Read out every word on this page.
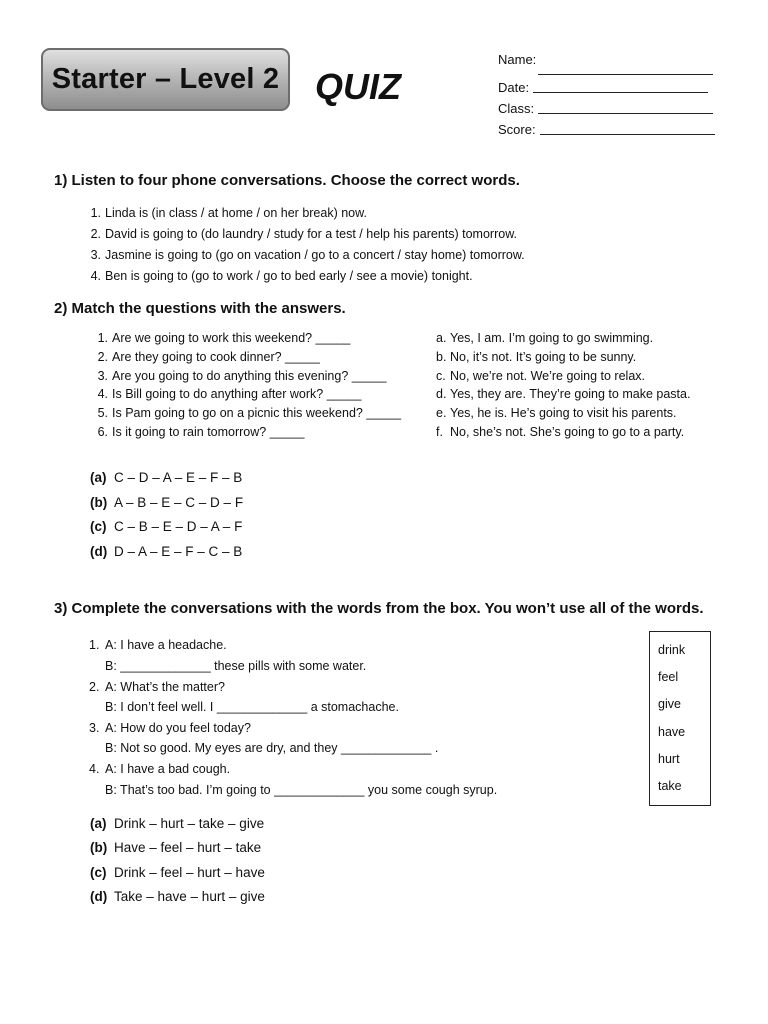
Starter – Level 2 QUIZ
Name:
Date:
Class:
Score:
1) Listen to four phone conversations. Choose the correct words.
1. Linda is (in class / at home / on her break) now.
2. David is going to (do laundry / study for a test / help his parents) tomorrow.
3. Jasmine is going to (go on vacation / go to a concert / stay home) tomorrow.
4. Ben is going to (go to work / go to bed early / see a movie) tonight.
2) Match the questions with the answers.
1. Are we going to work this weekend? _____
2. Are they going to cook dinner? _____
3. Are you going to do anything this evening? _____
4. Is Bill going to do anything after work? _____
5. Is Pam going to go on a picnic this weekend? _____
6. Is it going to rain tomorrow? _____
a. Yes, I am. I’m going to go swimming.
b. No, it’s not. It’s going to be sunny.
c. No, we’re not. We’re going to relax.
d. Yes, they are. They’re going to make pasta.
e. Yes, he is. He’s going to visit his parents.
f. No, she’s not. She’s going to go to a party.
(a) C – D – A – E – F – B
(b) A – B – E – C – D – F
(c) C – B – E – D – A – F
(d) D – A – E – F – C – B
3) Complete the conversations with the words from the box. You won’t use all of the words.
1. A: I have a headache.
B: _____________ these pills with some water.
2. A: What’s the matter?
B: I don’t feel well. I _____________ a stomachache.
3. A: How do you feel today?
B: Not so good. My eyes are dry, and they _____________ .
4. A: I have a bad cough.
B: That’s too bad. I’m going to _____________ you some cough syrup.
drink
feel
give
have
hurt
take
(a) Drink – hurt – take – give
(b) Have – feel – hurt – take
(c) Drink – feel – hurt – have
(d) Take – have – hurt – give
